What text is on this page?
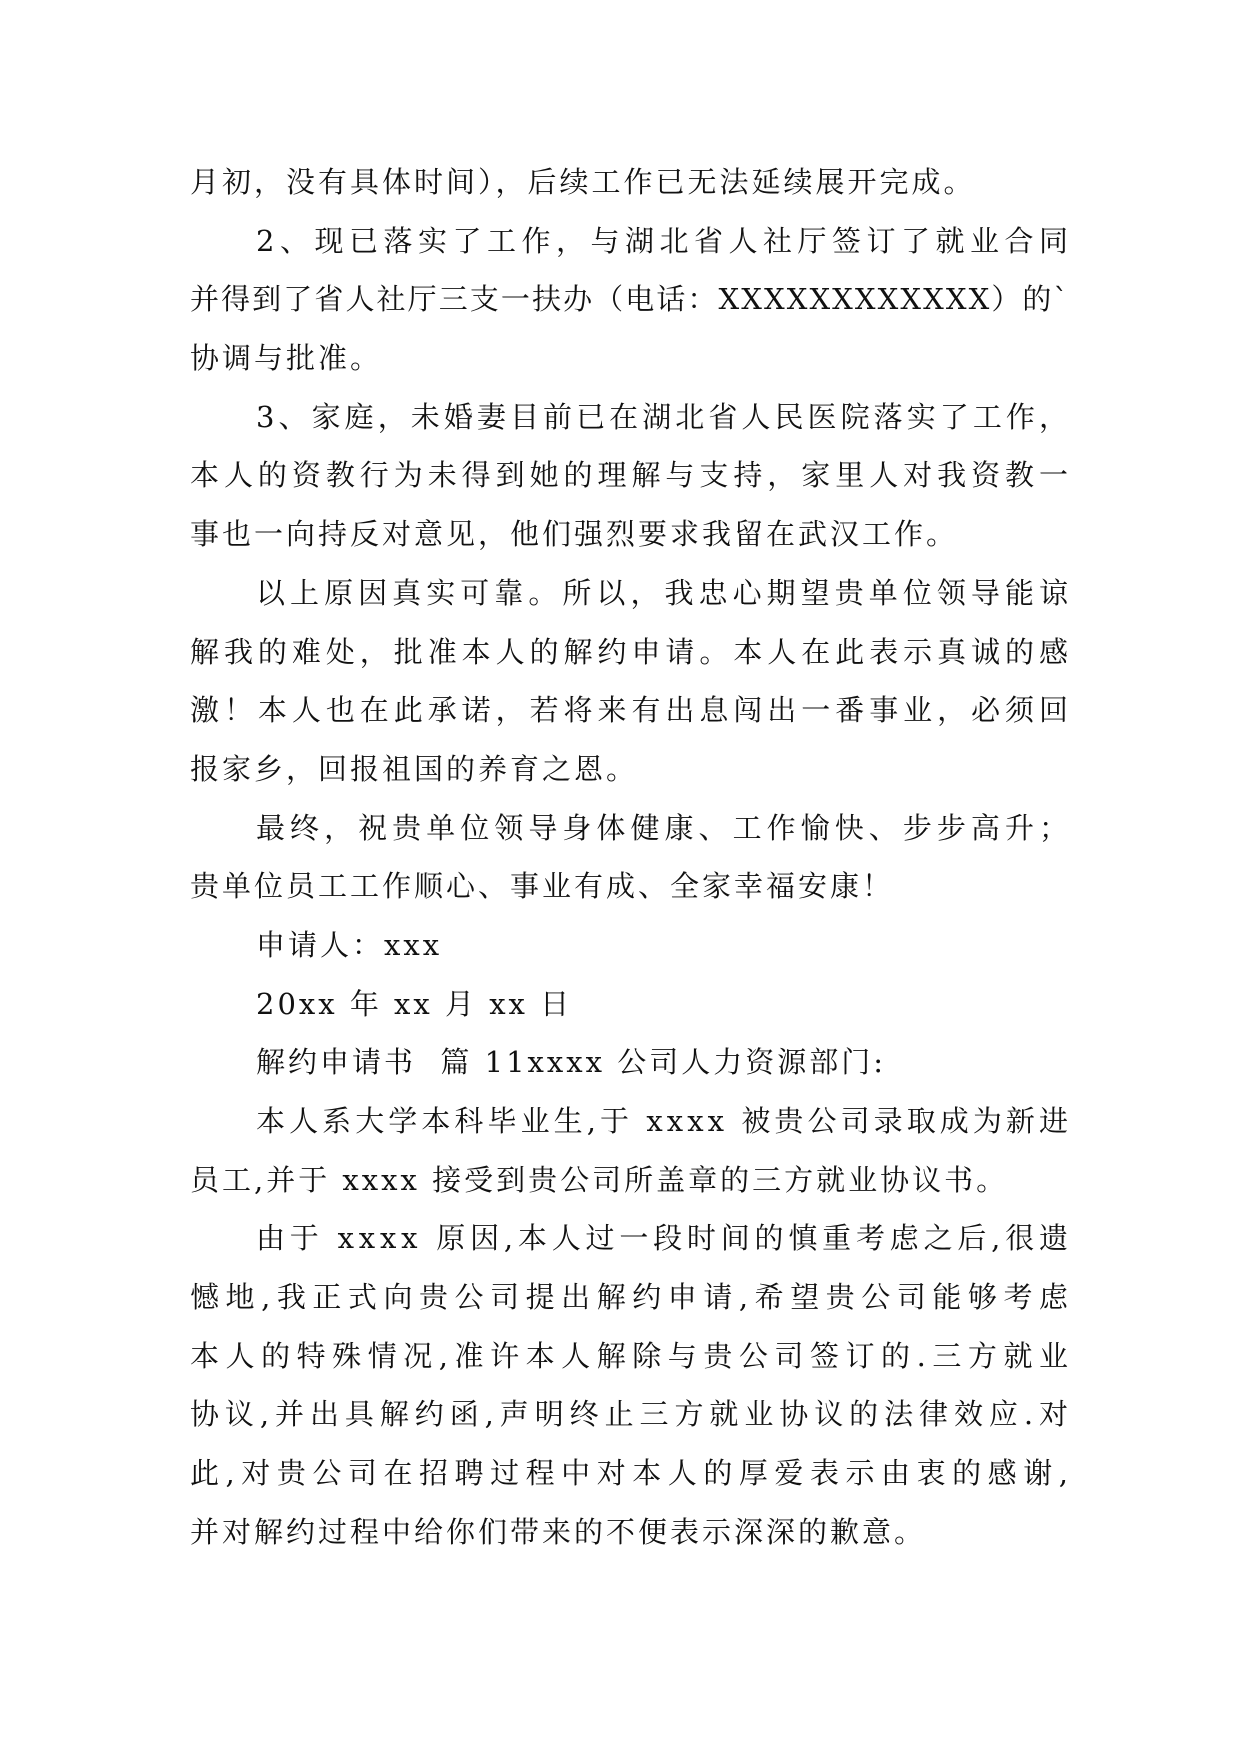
月初，没有具体时间），后续工作已无法延续展开完成。
2、现已落实了工作，与湖北省人社厅签订了就业合同
并得到了省人社厅三支一扶办（电话：XXXXXXXXXXXX）的`
协调与批准。
3、家庭，未婚妻目前已在湖北省人民医院落实了工作，
本人的资教行为未得到她的理解与支持，家里人对我资教一
事也一向持反对意见，他们强烈要求我留在武汉工作。
以上原因真实可靠。所以，我忠心期望贵单位领导能谅
解我的难处，批准本人的解约申请。本人在此表示真诚的感
激！本人也在此承诺，若将来有出息闯出一番事业，必须回
报家乡，回报祖国的养育之恩。
最终，祝贵单位领导身体健康、工作愉快、步步高升；
贵单位员工工作顺心、事业有成、全家幸福安康！
申请人：xxx
20xx 年 xx 月 xx 日
解约申请书  篇 11xxxx 公司人力资源部门:
本人系大学本科毕业生,于 xxxx 被贵公司录取成为新进
员工,并于 xxxx 接受到贵公司所盖章的三方就业协议书。
由于 xxxx 原因,本人过一段时间的慎重考虑之后,很遗
憾地,我正式向贵公司提出解约申请,希望贵公司能够考虑
本人的特殊情况,准许本人解除与贵公司签订的.三方就业
协议,并出具解约函,声明终止三方就业协议的法律效应.对
此,对贵公司在招聘过程中对本人的厚爱表示由衷的感谢,
并对解约过程中给你们带来的不便表示深深的歉意。
